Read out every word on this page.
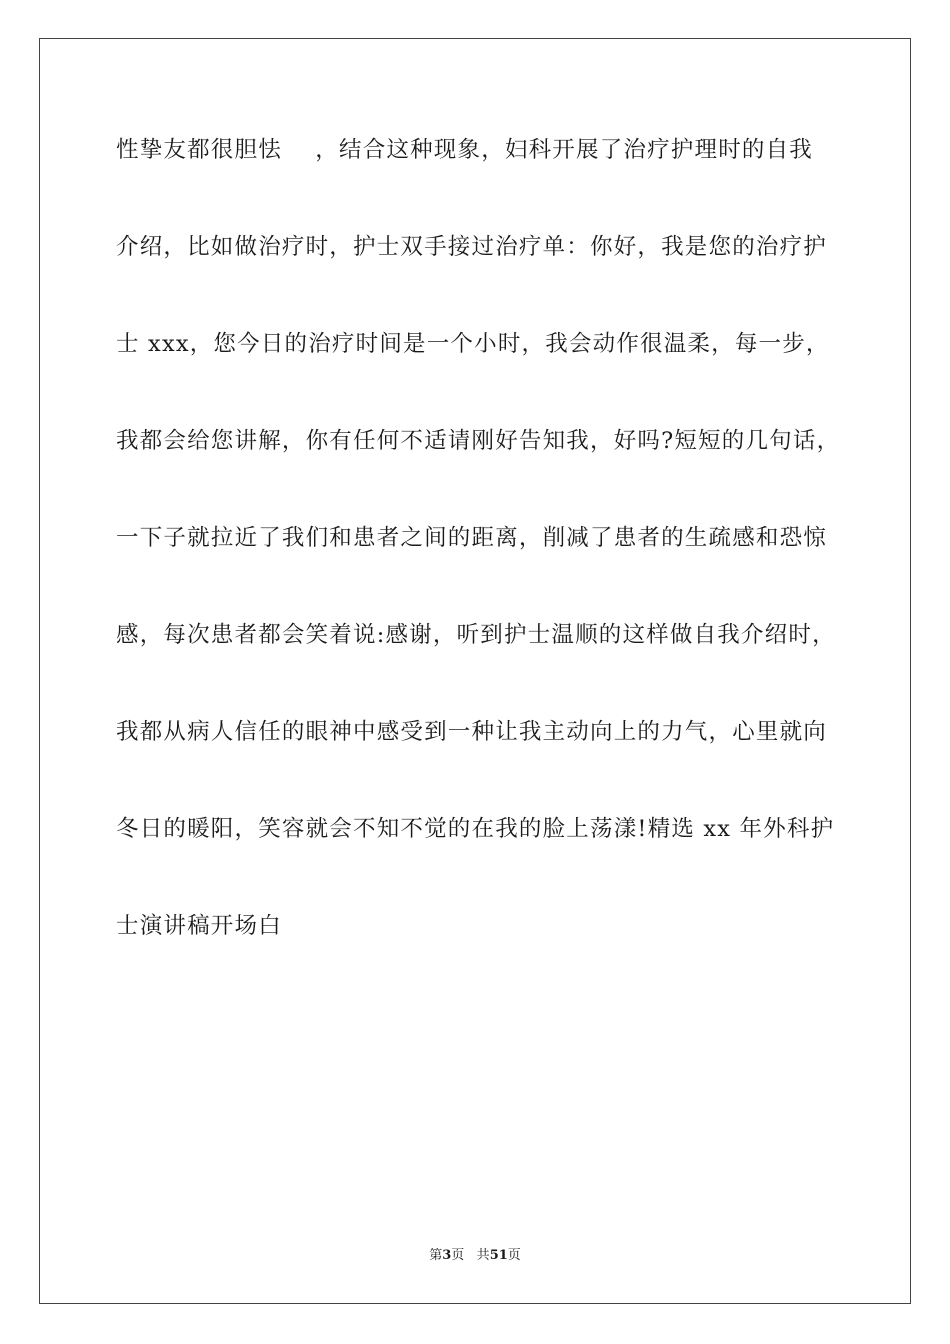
性挚友都很胆怯    ，结合这种现象，妇科开展了治疗护理时的自我
介绍，比如做治疗时，护士双手接过治疗单：你好，我是您的治疗护
士 xxx，您今日的治疗时间是一个小时，我会动作很温柔，每一步，
我都会给您讲解，你有任何不适请刚好告知我，好吗?短短的几句话，
一下子就拉近了我们和患者之间的距离，削减了患者的生疏感和恐惊
感，每次患者都会笑着说:感谢，听到护士温顺的这样做自我介绍时，
我都从病人信任的眼神中感受到一种让我主动向上的力气，心里就向
冬日的暖阳，笑容就会不知不觉的在我的脸上荡漾!精选 xx 年外科护
士演讲稿开场白
第3页 共51页
